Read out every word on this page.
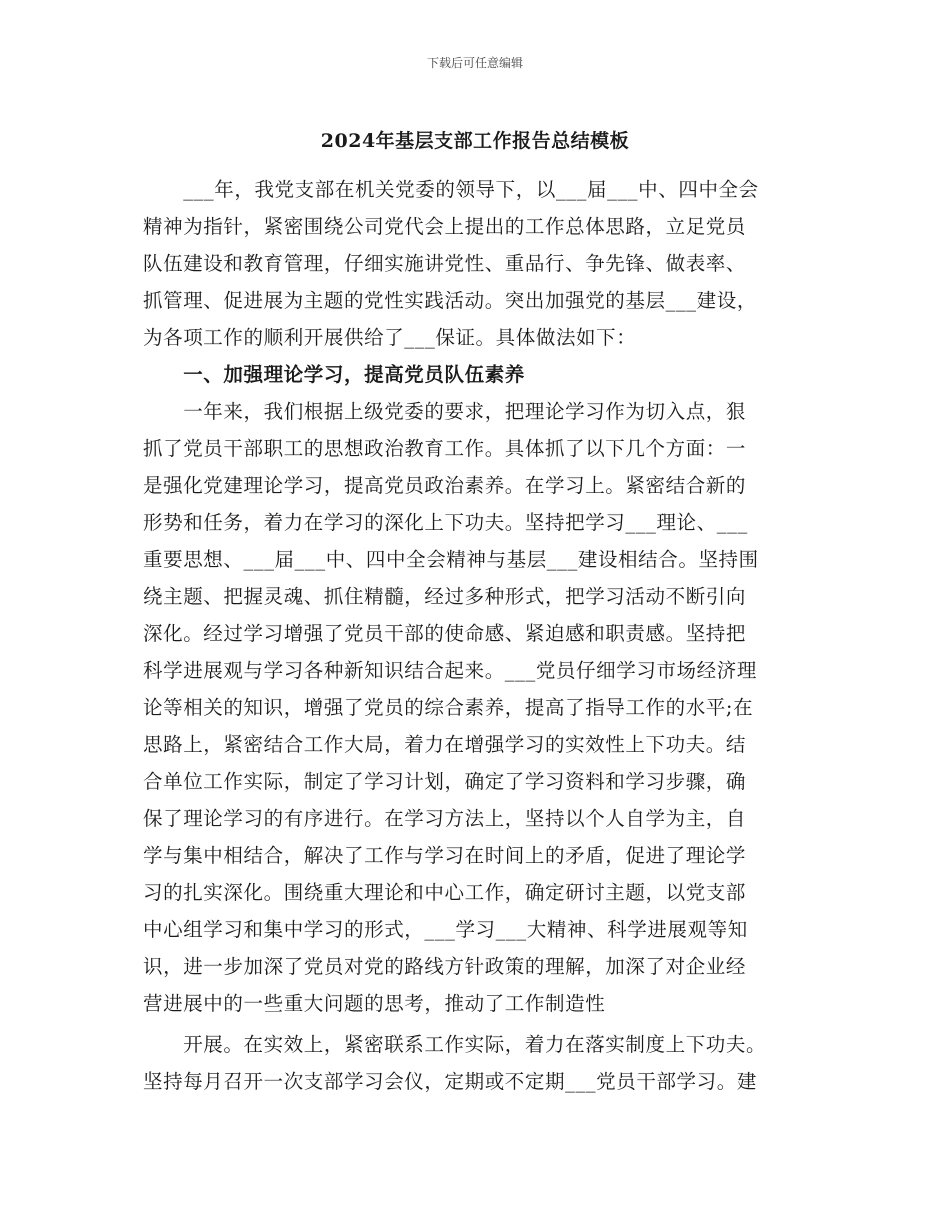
下载后可任意编辑
2024年基层支部工作报告总结模板
　　___年，我党支部在机关党委的领导下，以___届___中、四中全会
精神为指针，紧密围绕公司党代会上提出的工作总体思路，立足党员
队伍建设和教育管理，仔细实施讲党性、重品行、争先锋、做表率、
抓管理、促进展为主题的党性实践活动。突出加强党的基层___建设，
为各项工作的顺利开展供给了___保证。具体做法如下：
　　一、加强理论学习，提高党员队伍素养
　　一年来，我们根据上级党委的要求，把理论学习作为切入点，狠
抓了党员干部职工的思想政治教育工作。具体抓了以下几个方面：一
是强化党建理论学习，提高党员政治素养。在学习上。紧密结合新的
形势和任务，着力在学习的深化上下功夫。坚持把学习___理论、___
重要思想、___届___中、四中全会精神与基层___建设相结合。坚持围
绕主题、把握灵魂、抓住精髓，经过多种形式，把学习活动不断引向
深化。经过学习增强了党员干部的使命感、紧迫感和职责感。坚持把
科学进展观与学习各种新知识结合起来。___党员仔细学习市场经济理
论等相关的知识，增强了党员的综合素养，提高了指导工作的水平;在
思路上，紧密结合工作大局，着力在增强学习的实效性上下功夫。结
合单位工作实际，制定了学习计划，确定了学习资料和学习步骤，确
保了理论学习的有序进行。在学习方法上，坚持以个人自学为主，自
学与集中相结合，解决了工作与学习在时间上的矛盾，促进了理论学
习的扎实深化。围绕重大理论和中心工作，确定研讨主题，以党支部
中心组学习和集中学习的形式，___学习___大精神、科学进展观等知
识，进一步加深了党员对党的路线方针政策的理解，加深了对企业经
营进展中的一些重大问题的思考，推动了工作制造性
　　开展。在实效上，紧密联系工作实际，着力在落实制度上下功夫。
坚持每月召开一次支部学习会仪，定期或不定期___党员干部学习。建
